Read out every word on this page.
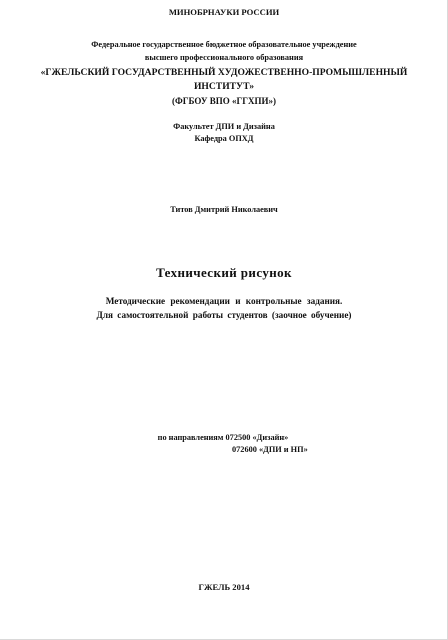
МИНОБРНАУКИ РОССИИ
Федеральное государственное бюджетное образовательное учреждение
высшего профессионального образования
«ГЖЕЛЬСКИЙ ГОСУДАРСТВЕННЫЙ ХУДОЖЕСТВЕННО-ПРОМЫШЛЕННЫЙ
ИНСТИТУТ»
(ФГБОУ ВПО «ГГХПИ»)
Факультет ДПИ и Дизайна
Кафедра ОПХД
Титов Дмитрий Николаевич
Технический рисунок
Методические рекомендации и контрольные задания.
Для самостоятельной работы студентов (заочное обучение)
по направлениям 072500 «Дизайн»
072600 «ДПИ и НП»
ГЖЕЛЬ 2014
